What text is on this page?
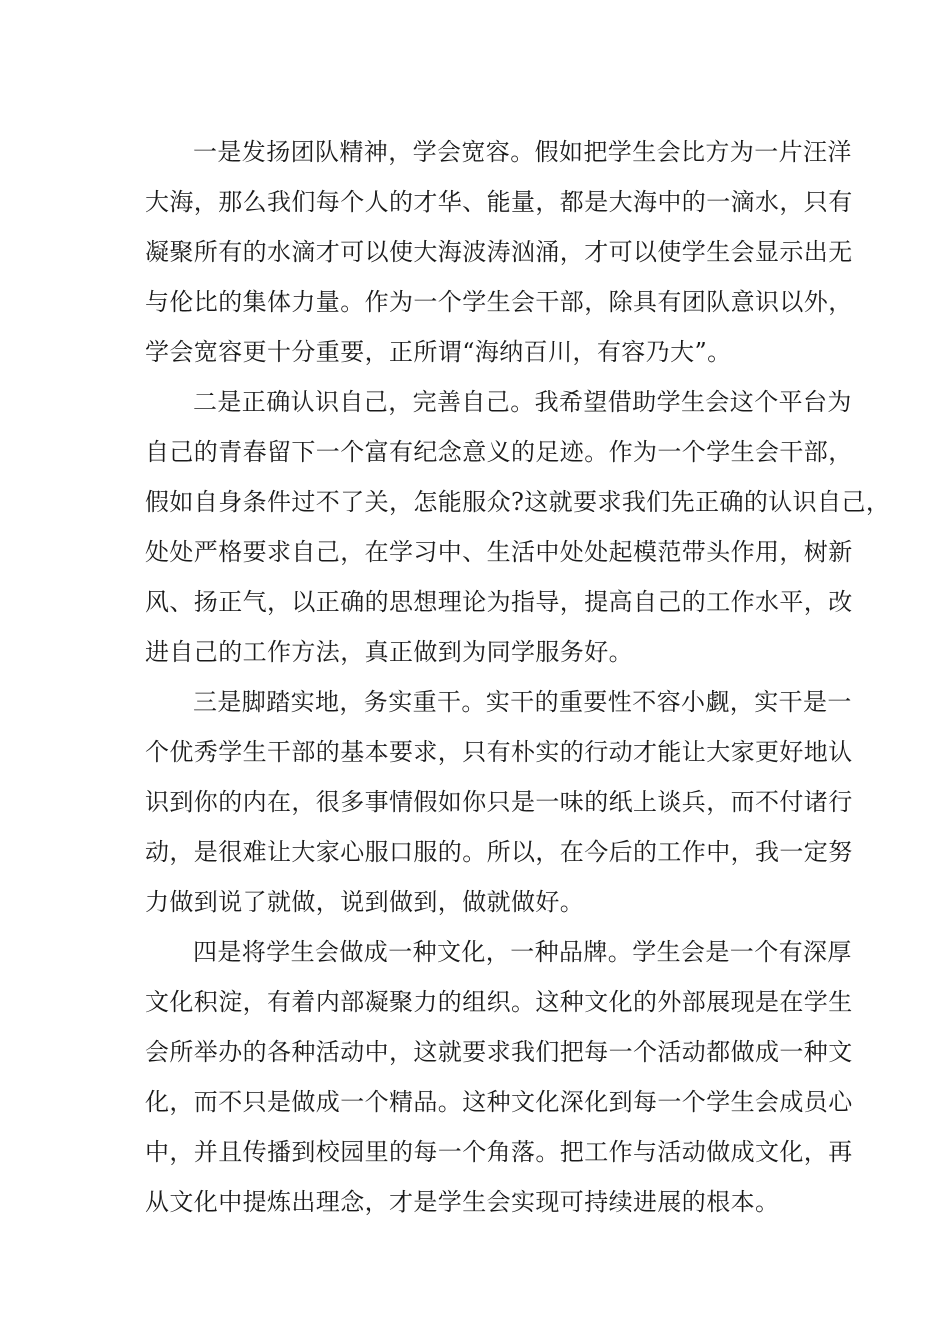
一是发扬团队精神，学会宽容。假如把学生会比方为一片汪洋
大海，那么我们每个人的才华、能量，都是大海中的一滴水，只有
凝聚所有的水滴才可以使大海波涛汹涌，才可以使学生会显示出无
与伦比的集体力量。作为一个学生会干部，除具有团队意识以外，
学会宽容更十分重要，正所谓“海纳百川，有容乃大”。
二是正确认识自己，完善自己。我希望借助学生会这个平台为
自己的青春留下一个富有纪念意义的足迹。作为一个学生会干部，
假如自身条件过不了关，怎能服众?这就要求我们先正确的认识自己，
处处严格要求自己，在学习中、生活中处处起模范带头作用，树新
风、扬正气，以正确的思想理论为指导，提高自己的工作水平，改
进自己的工作方法，真正做到为同学服务好。
三是脚踏实地，务实重干。实干的重要性不容小觑，实干是一
个优秀学生干部的基本要求，只有朴实的行动才能让大家更好地认
识到你的内在，很多事情假如你只是一味的纸上谈兵，而不付诸行
动，是很难让大家心服口服的。所以，在今后的工作中，我一定努
力做到说了就做，说到做到，做就做好。
四是将学生会做成一种文化，一种品牌。学生会是一个有深厚
文化积淀，有着内部凝聚力的组织。这种文化的外部展现是在学生
会所举办的各种活动中，这就要求我们把每一个活动都做成一种文
化，而不只是做成一个精品。这种文化深化到每一个学生会成员心
中，并且传播到校园里的每一个角落。把工作与活动做成文化，再
从文化中提炼出理念，才是学生会实现可持续进展的根本。
